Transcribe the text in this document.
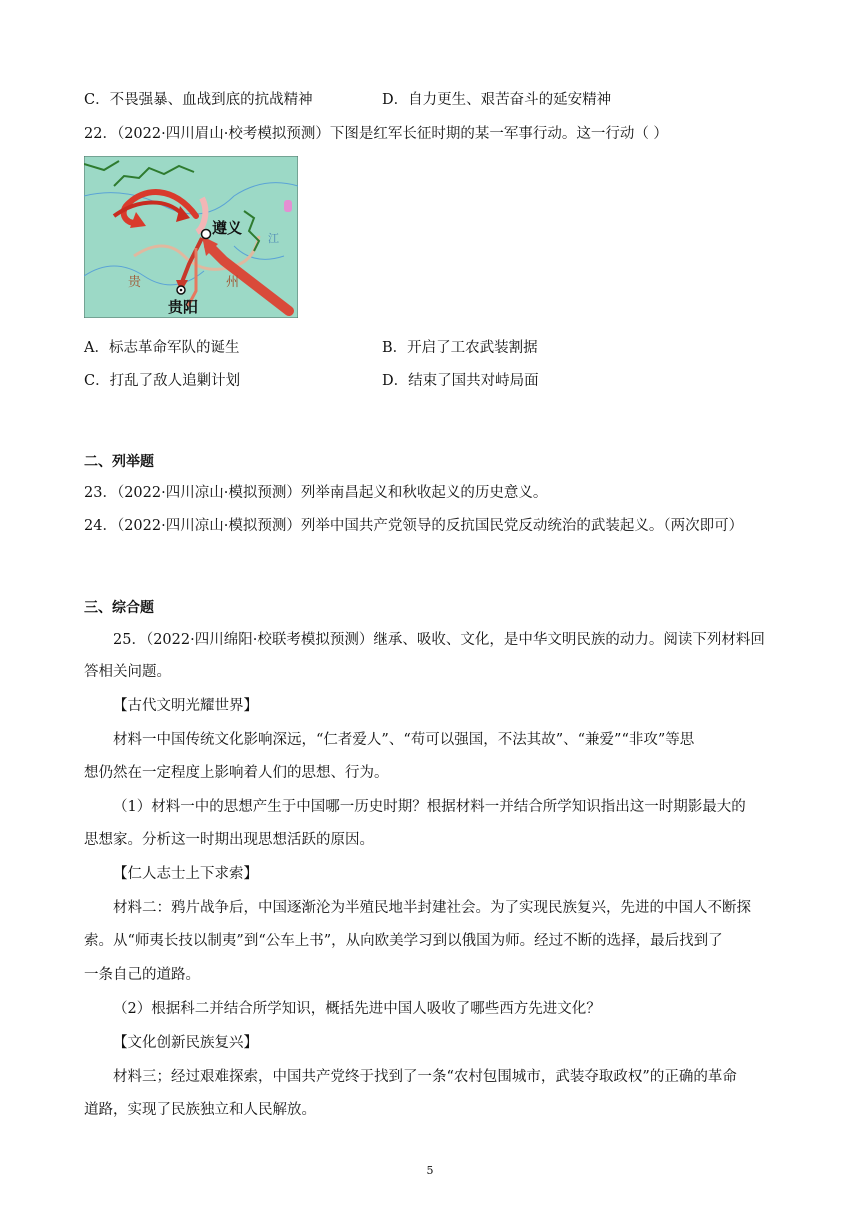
C．不畏强暴、血战到底的抗战精神	D．自力更生、艰苦奋斗的延安精神
22．（2022·四川眉山·校考模拟预测）下图是红军长征时期的某一军事行动。这一行动（ ）
遵义
贵阳
贵	州
江
A．标志革命军队的诞生	B．开启了工农武装割据
C．打乱了敌人追剿计划	D．结束了国共对峙局面
二、列举题
23．（2022·四川凉山·模拟预测）列举南昌起义和秋收起义的历史意义。
24．（2022·四川凉山·模拟预测）列举中国共产党领导的反抗国民党反动统治的武装起义。（两次即可）
三、综合题
25．（2022·四川绵阳·校联考模拟预测）继承、吸收、文化，是中华文明民族的动力。阅读下列材料回
答相关问题。
【古代文明光耀世界】
材料一中国传统文化影响深远，“仁者爱人”、“苟可以强国，不法其故”、“兼爱”“非攻”等思
想仍然在一定程度上影响着人们的思想、行为。
（1）材料一中的思想产生于中国哪一历史时期？根据材料一并结合所学知识指出这一时期影最大的
思想家。分析这一时期出现思想活跃的原因。
【仁人志士上下求索】
材料二：鸦片战争后，中国逐渐沦为半殖民地半封建社会。为了实现民族复兴，先进的中国人不断探
索。从“师夷长技以制夷”到“公车上书”，从向欧美学习到以俄国为师。经过不断的选择，最后找到了
一条自己的道路。
（2）根据科二并结合所学知识，概括先进中国人吸收了哪些西方先进文化？
【文化创新民族复兴】
材料三；经过艰难探索，中国共产党终于找到了一条“农村包围城市，武装夺取政权”的正确的革命
道路，实现了民族独立和人民解放。
5
